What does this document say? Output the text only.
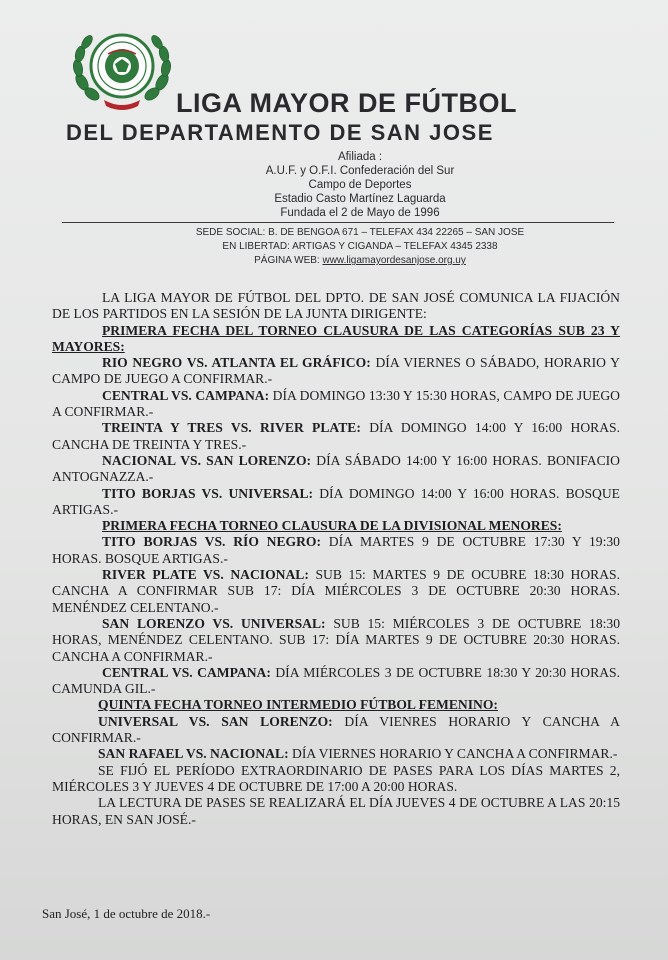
LIGA MAYOR DE FÚTBOL
DEL DEPARTAMENTO DE SAN JOSE
Afiliada :
A.U.F. y O.F.I. Confederación del Sur
Campo de Deportes
Estadio Casto Martínez Laguarda
Fundada el 2 de Mayo de 1996
SEDE SOCIAL: B. DE BENGOA 671 – TELEFAX 434 22265 – SAN JOSE
EN LIBERTAD: ARTIGAS Y CIGANDA – TELEFAX 4345 2338
PÁGINA WEB: www.ligamayordesanjose.org.uy

LA LIGA MAYOR DE FÚTBOL DEL DPTO. DE SAN JOSÉ COMUNICA LA FIJACIÓN DE LOS PARTIDOS EN LA SESIÓN DE LA JUNTA DIRIGENTE:

PRIMERA FECHA DEL TORNEO CLAUSURA DE LAS CATEGORÍAS SUB 23 Y MAYORES:

RIO NEGRO VS. ATLANTA EL GRÁFICO: DÍA VIERNES O SÁBADO, HORARIO Y CAMPO DE JUEGO A CONFIRMAR.-

CENTRAL VS. CAMPANA: DÍA DOMINGO 13:30 Y 15:30 HORAS, CAMPO DE JUEGO A CONFIRMAR.-

TREINTA Y TRES VS. RIVER PLATE: DÍA DOMINGO 14:00 Y 16:00 HORAS. CANCHA DE TREINTA Y TRES.-

NACIONAL VS. SAN LORENZO: DÍA SÁBADO 14:00 Y 16:00 HORAS. BONIFACIO ANTOGNAZZA.-

TITO BORJAS VS. UNIVERSAL: DÍA DOMINGO 14:00 Y 16:00 HORAS. BOSQUE ARTIGAS.-

PRIMERA FECHA TORNEO CLAUSURA DE LA DIVISIONAL MENORES:

TITO BORJAS VS. RÍO NEGRO: DÍA MARTES 9 DE OCTUBRE 17:30 Y 19:30 HORAS. BOSQUE ARTIGAS.-

RIVER PLATE VS. NACIONAL: SUB 15: MARTES 9 DE OCUBRE 18:30 HORAS. CANCHA A CONFIRMAR SUB 17: DÍA MIÉRCOLES 3 DE OCTUBRE 20:30 HORAS. MENÉNDEZ CELENTANO.-

SAN LORENZO VS. UNIVERSAL: SUB 15: MIÉRCOLES 3 DE OCTUBRE 18:30 HORAS, MENÉNDEZ CELENTANO. SUB 17: DÍA MARTES 9 DE OCTUBRE 20:30 HORAS. CANCHA A CONFIRMAR.-

CENTRAL VS. CAMPANA: DÍA MIÉRCOLES 3 DE OCTUBRE 18:30 Y 20:30 HORAS. CAMUNDA GIL.-

QUINTA FECHA TORNEO INTERMEDIO FÚTBOL FEMENINO:

UNIVERSAL VS. SAN LORENZO: DÍA VIENRES HORARIO Y CANCHA A CONFIRMAR.-

SAN RAFAEL VS. NACIONAL: DÍA VIERNES HORARIO Y CANCHA A CONFIRMAR.-

SE FIJÓ EL PERÍODO EXTRAORDINARIO DE PASES PARA LOS DÍAS MARTES 2, MIÉRCOLES 3 Y JUEVES 4 DE OCTUBRE DE 17:00 A 20:00 HORAS.

LA LECTURA DE PASES SE REALIZARÁ EL DÍA JUEVES 4 DE OCTUBRE A LAS 20:15 HORAS, EN SAN JOSÉ.-

San José, 1 de octubre de 2018.-
